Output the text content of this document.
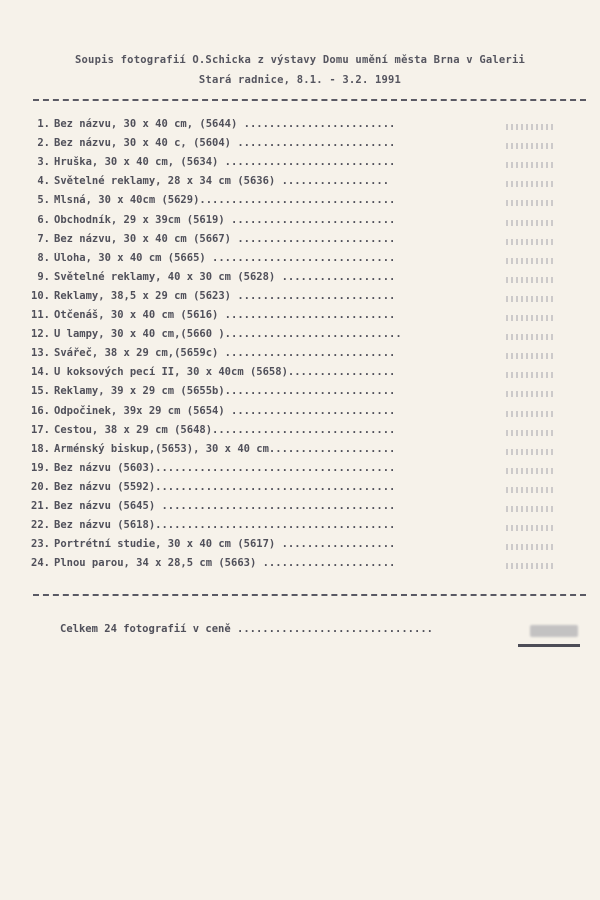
Soupis fotografií O.Schicka z výstavy Domu umění města Brna v Galerii
Stará radnice, 8.1. - 3.2. 1991
1. Bez názvu, 30 x 40 cm, (5644) ........................
2. Bez názvu, 30 x 40 c, (5604) .........................
3. Hruška, 30 x 40 cm, (5634) ...........................
4. Světelné reklamy, 28 x 34 cm (5636) .................
5. Mlsná, 30 x 40cm (5629)...............................
6. Obchodník, 29 x 39cm (5619) ..........................
7. Bez názvu, 30 x 40 cm (5667) .........................
8. Úloha, 30 x 40 cm (5665) .............................
9. Světelné reklamy, 40 x 30 cm (5628) ..................
10. Reklamy, 38,5 x 29 cm (5623) .........................
11. Otčenáš, 30 x 40 cm (5616) ...........................
12. U lampy, 30 x 40 cm,(5660 )............................
13. Svářeč, 38 x 29 cm,(5659c) ...........................
14. U koksových pecí II, 30 x 40cm (5658).................
15. Reklamy, 39 x 29 cm (5655b)...........................
16. Odpočinek, 39x 29 cm (5654) ..........................
17. Cestou, 38 x 29 cm (5648).............................
18. Arménský biskup,(5653), 30 x 40 cm....................
19. Bez názvu (5603)......................................
20. Bez názvu (5592)......................................
21. Bez názvu (5645) .....................................
22. Bez názvu (5618)......................................
23. Portrétní studie, 30 x 40 cm (5617) ..................
24. Plnou parou, 34 x 28,5 cm (5663) .....................
Celkem 24 fotografií v ceně ...............................
